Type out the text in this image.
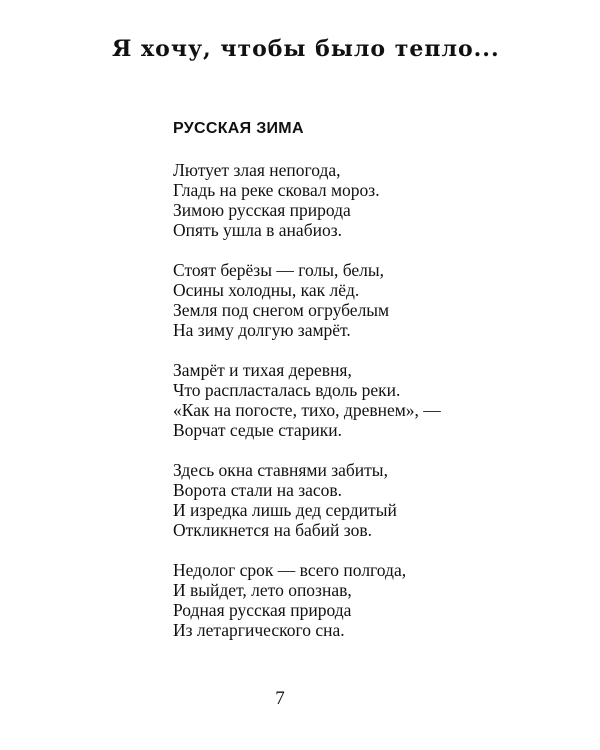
Я хочу, чтобы было тепло...
РУССКАЯ ЗИМА
Лютует злая непогода,
Гладь на реке сковал мороз.
Зимою русская природа
Опять ушла в анабиоз.
Стоят берёзы — голы, белы,
Осины холодны, как лёд.
Земля под снегом огрубелым
На зиму долгую замрёт.
Замрёт и тихая деревня,
Что распласталась вдоль реки.
«Как на погосте, тихо, древнем», —
Ворчат седые старики.
Здесь окна ставнями забиты,
Ворота стали на засов.
И изредка лишь дед сердитый
Откликнется на бабий зов.
Недолог срок — всего полгода,
И выйдет, лето опознав,
Родная русская природа
Из летаргического сна.
7
